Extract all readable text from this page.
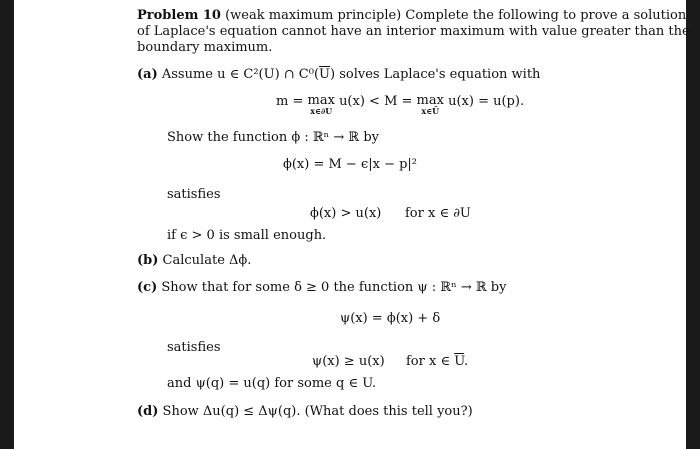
Problem 10 (weak maximum principle) Complete the following to prove a solution
of Laplace's equation cannot have an interior maximum with value greater than the
boundary maximum.
(a) Assume u ∈ C²(U) ∩ $C^0(\overline{U})$ solves Laplace's equation with
m = max
x∈∂U
u(x) < M = max
x∈Ū
u(x) = u(p).
Show the function ϕ : ℝⁿ → ℝ by
ϕ(x) = M − ϵ|x − p|²
satisfies
ϕ(x) > u(x) for x ∈ ∂U
if ϵ > 0 is small enough.
(b) Calculate Δϕ.
(c) Show that for some δ ≥ 0 the function ψ : ℝⁿ → ℝ by
ψ(x) = ϕ(x) + δ
satisfies
ψ(x) ≥ u(x) for x ∈ $\overline{U}$.
and ψ(q) = u(q) for some q ∈ U.
(d) Show Δu(q) ≤ Δψ(q). (What does this tell you?)
